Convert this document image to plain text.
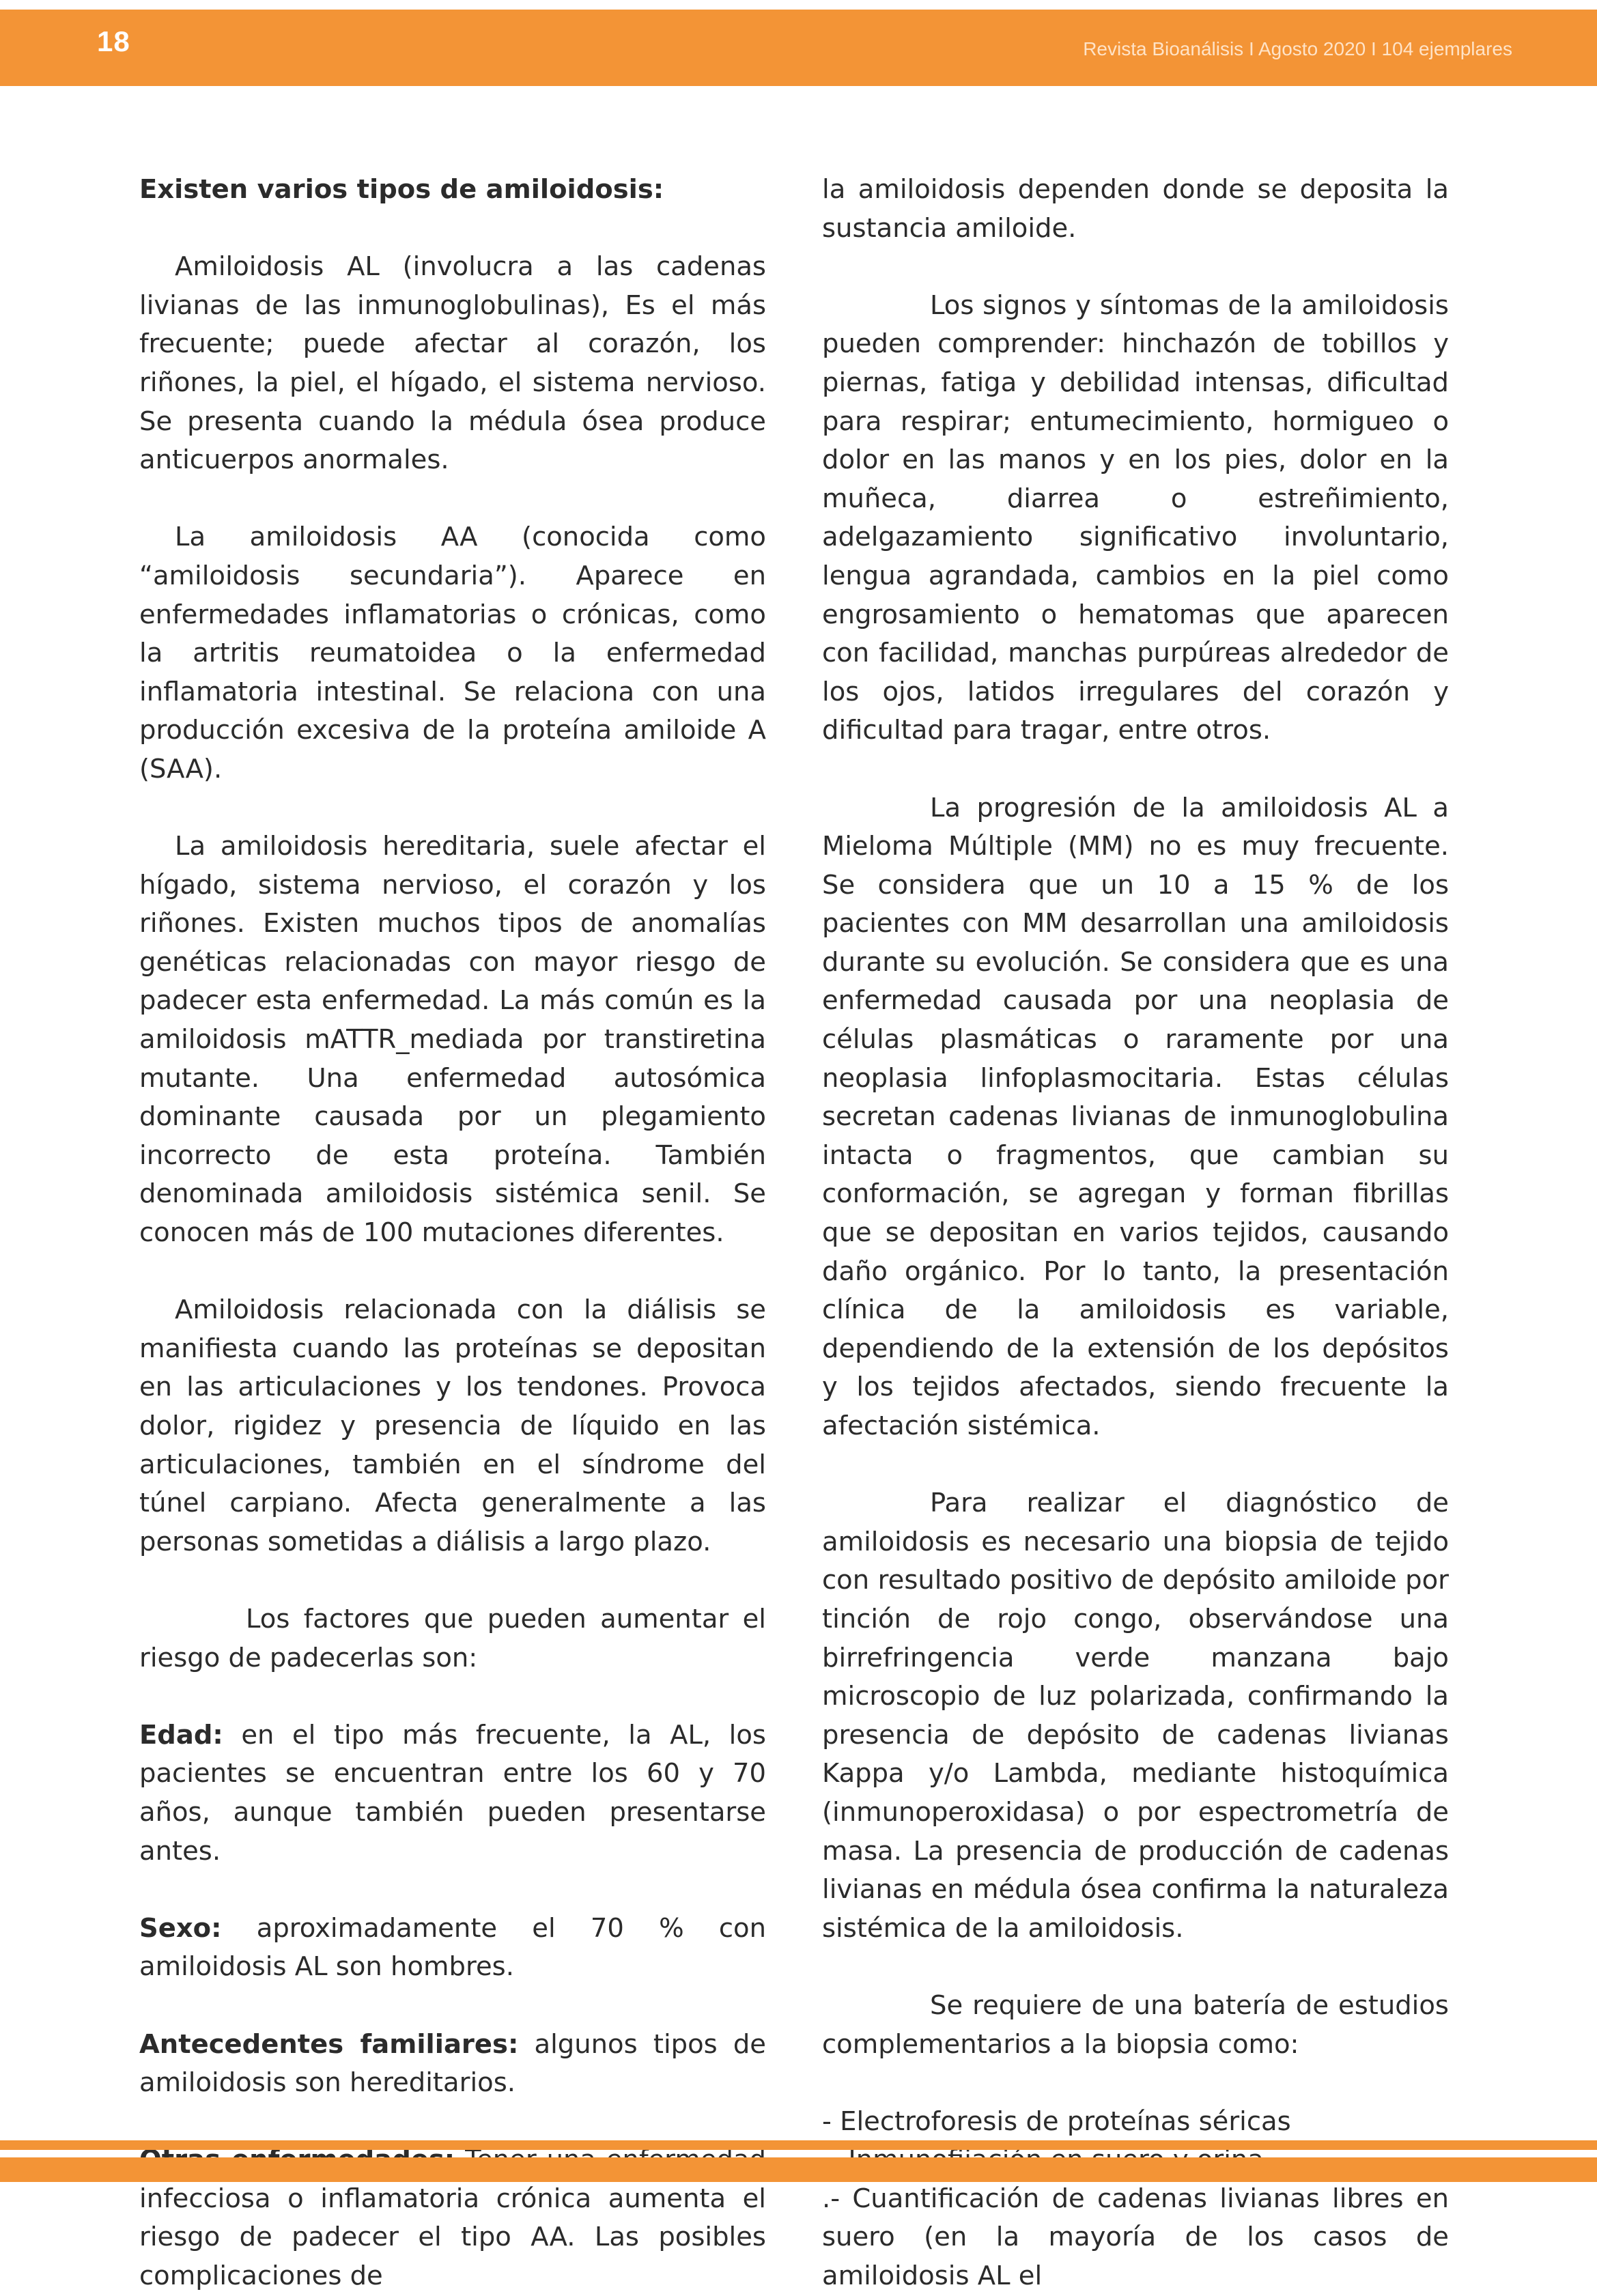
18	Revista Bioanálisis I Agosto 2020 I 104 ejemplares

Existen varios tipos de amiloidosis:

Amiloidosis AL (involucra a las cadenas livianas de las inmunoglobulinas), Es el más frecuente; puede afectar al corazón, los riñones, la piel, el hígado, el sistema nervioso. Se presenta cuando la médula ósea produce anticuerpos anormales.

La amiloidosis AA (conocida como “amiloidosis secundaria”). Aparece en enfermedades inflamatorias o crónicas, como la artritis reumatoidea o la enfermedad inflamatoria intestinal. Se relaciona con una producción excesiva de la proteína amiloide A (SAA).

La amiloidosis hereditaria, suele afectar el hígado, sistema nervioso, el corazón y los riñones. Existen muchos tipos de anomalías genéticas relacionadas con mayor riesgo de padecer esta enfermedad. La más común es la amiloidosis mATTR_mediada por transtiretina mutante. Una enfermedad autosómica dominante causada por un plegamiento incorrecto de esta proteína. También denominada amiloidosis sistémica senil. Se conocen más de 100 mutaciones diferentes.

Amiloidosis relacionada con la diálisis se manifiesta cuando las proteínas se depositan en las articulaciones y los tendones. Provoca dolor, rigidez y presencia de líquido en las articulaciones, también en el síndrome del túnel carpiano. Afecta generalmente a las personas sometidas a diálisis a largo plazo.

Los factores que pueden aumentar el riesgo de padecerlas son:

Edad: en el tipo más frecuente, la AL, los pacientes se encuentran entre los 60 y 70 años, aunque también pueden presentarse antes.

Sexo: aproximadamente el 70 % con amiloidosis AL son hombres.

Antecedentes familiares: algunos tipos de amiloidosis son hereditarios.

infecciosa o inflamatoria crónica aumenta el riesgo de padecer el tipo AA. Las posibles complicaciones de

la amiloidosis dependen donde se deposita la sustancia amiloide.

Los signos y síntomas de la amiloidosis pueden comprender: hinchazón de tobillos y piernas, fatiga y debilidad intensas, dificultad para respirar; entumecimiento, hormigueo o dolor en las manos y en los pies, dolor en la muñeca, diarrea o estreñimiento, adelgazamiento significativo involuntario, lengua agrandada, cambios en la piel como engrosamiento o hematomas que aparecen con facilidad, manchas purpúreas alrededor de los ojos, latidos irregulares del corazón y dificultad para tragar, entre otros.

La progresión de la amiloidosis AL a Mieloma Múltiple (MM) no es muy frecuente. Se considera que un 10 a 15 % de los pacientes con MM desarrollan una amiloidosis durante su evolución. Se considera que es una enfermedad causada por una neoplasia de células plasmáticas o raramente por una neoplasia linfoplasmocitaria. Estas células secretan cadenas livianas de inmunoglobulina intacta o fragmentos, que cambian su conformación, se agregan y forman fibrillas que se depositan en varios tejidos, causando daño orgánico. Por lo tanto, la presentación clínica de la amiloidosis es variable, dependiendo de la extensión de los depósitos y los tejidos afectados, siendo frecuente la afectación sistémica.

Para realizar el diagnóstico de amiloidosis es necesario una biopsia de tejido con resultado positivo de depósito amiloide por tinción de rojo congo, observándose una birrefringencia verde manzana bajo microscopio de luz polarizada, confirmando la presencia de depósito de cadenas livianas Kappa y/o Lambda, mediante histoquímica (inmunoperoxidasa) o por espectrometría de masa. La presencia de producción de cadenas livianas en médula ósea confirma la naturaleza sistémica de la amiloidosis.

Se requiere de una batería de estudios complementarios a la biopsia como:

- Electroforesis de proteínas séricas

.- Cuantificación de cadenas livianas libres en suero (en la mayoría de los casos de amiloidosis AL el
